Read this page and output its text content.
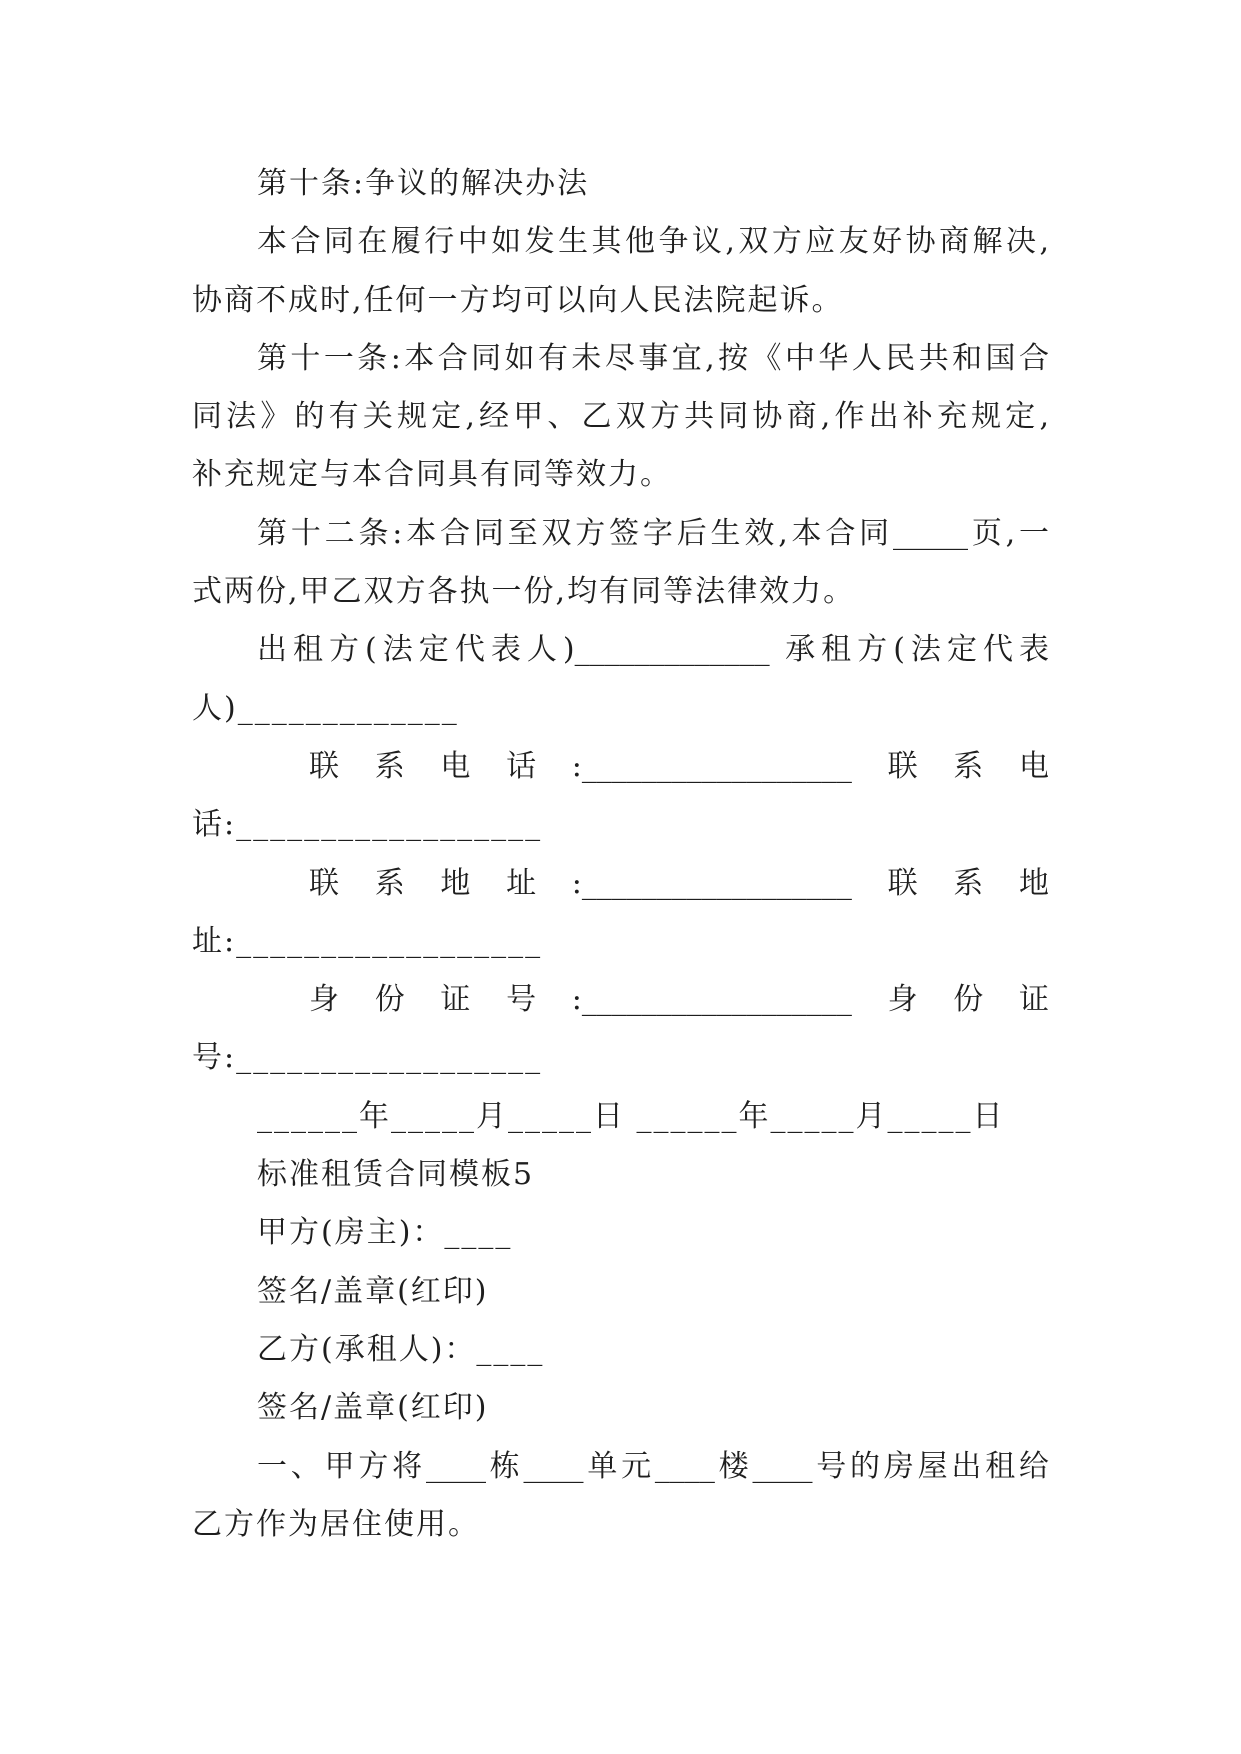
第十条:争议的解决办法
本合同在履行中如发生其他争议,双方应友好协商解决,
协商不成时,任何一方均可以向人民法院起诉。
第十一条:本合同如有未尽事宜,按《中华人民共和国合
同法》的有关规定,经甲、乙双方共同协商,作出补充规定,
补充规定与本合同具有同等效力。
第十二条:本合同至双方签字后生效,本合同_____页,一
式两份,甲乙双方各执一份,均有同等法律效力。
出租方(法定代表人)_____________ 承租方(法定代表
人)_____________
联系电话:__________________联系电
话:__________________
联系地址:__________________联系地
址:__________________
身份证号:__________________身份证
号:__________________
______年_____月_____日 ______年_____月_____日
标准租赁合同模板5
甲方(房主)：____
签名/盖章(红印)
乙方(承租人)：____
签名/盖章(红印)
一、甲方将____栋____单元____楼____号的房屋出租给
乙方作为居住使用。
